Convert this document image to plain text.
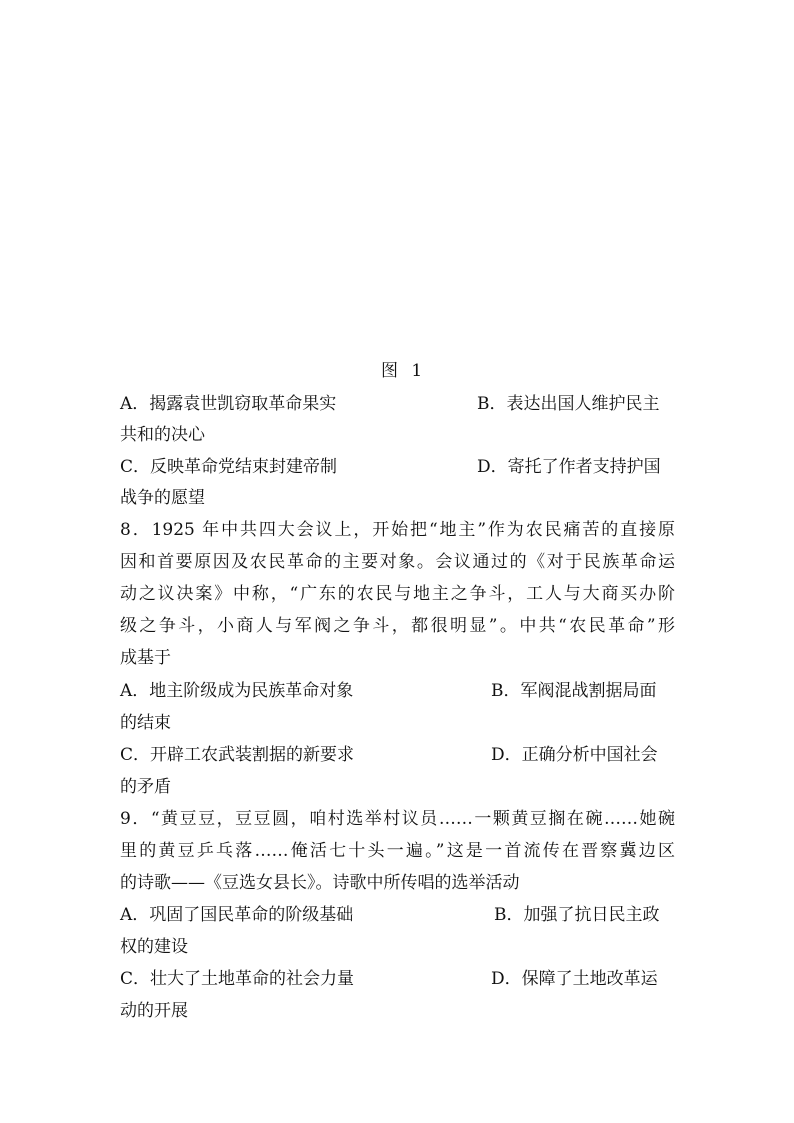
图 1
A．揭露袁世凯窃取革命果实	B．表达出国人维护民主
共和的决心
C．反映革命党结束封建帝制	D．寄托了作者支持护国
战争的愿望
8．1925 年中共四大会议上，开始把“地主”作为农民痛苦的直接原
因和首要原因及农民革命的主要对象。会议通过的《对于民族革命运
动之议决案》中称，“广东的农民与地主之争斗，工人与大商买办阶
级之争斗，小商人与军阀之争斗，都很明显”。中共“农民革命”形
成基于
A．地主阶级成为民族革命对象	B．军阀混战割据局面
的结束
C．开辟工农武装割据的新要求	D．正确分析中国社会
的矛盾
9．“黄豆豆，豆豆圆，咱村选举村议员……一颗黄豆搁在碗……她碗
里的黄豆乒乓落……俺活七十头一遍。”这是一首流传在晋察冀边区
的诗歌——《豆选女县长》。诗歌中所传唱的选举活动
A．巩固了国民革命的阶级基础	B．加强了抗日民主政
权的建设
C．壮大了土地革命的社会力量	D．保障了土地改革运
动的开展
